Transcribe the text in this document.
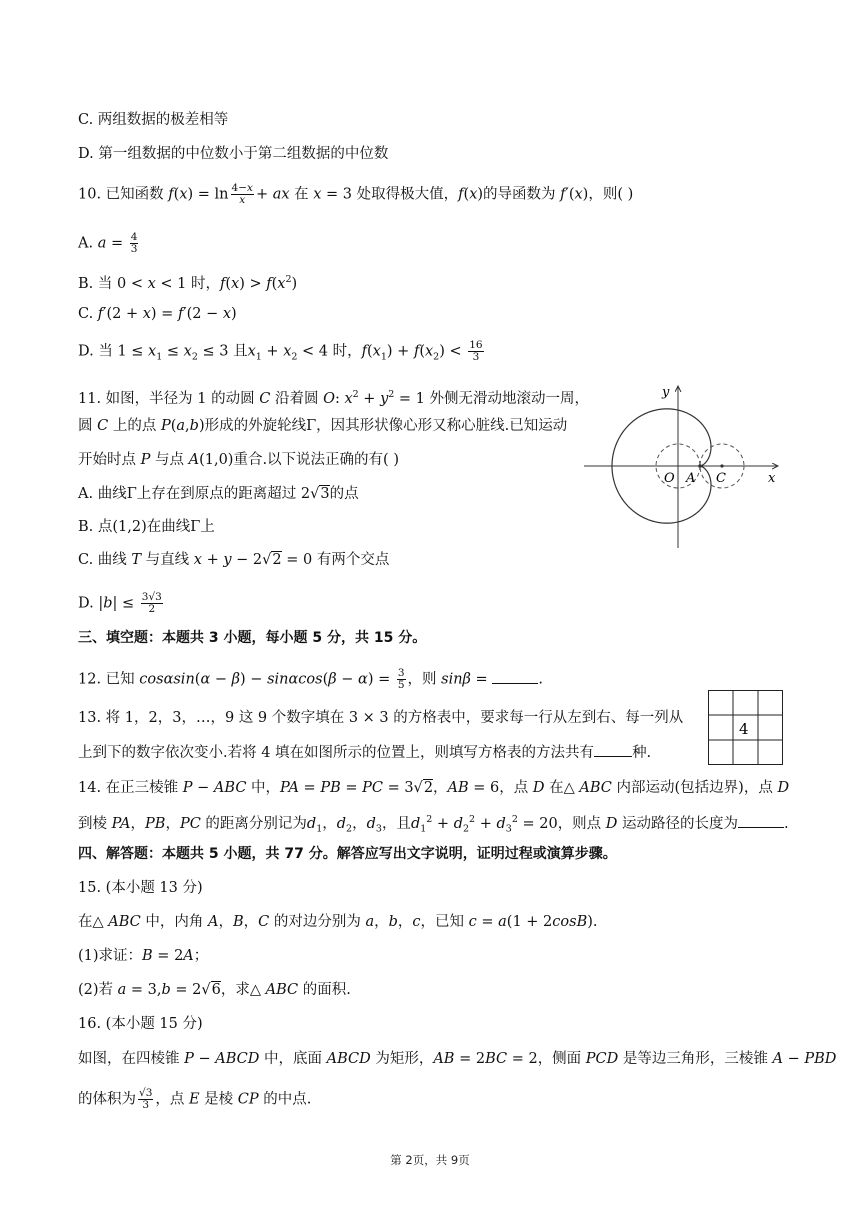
C. 两组数据的极差相等
D. 第一组数据的中位数小于第二组数据的中位数
10. 已知函数 $f(x) = \ln \frac{4-x}{x}$ + ax 在 x = 3 处取得极大值，f(x)的导函数为 f′(x)，则( )
A. $a = \frac{4}{3}$
B. 当 0 < x < 1 时，$f(x) > f(x^2)$
C. f′(2 + x) = f′(2 − x)
D. 当 $1 \le x_1 \le x_2 \le 3$ 且$x_1 + x_2 < 4$ 时，$f(x_1) + f(x_2) < \frac{16}{3}$
11. 如图，半径为 1 的动圆 C 沿着圆 O: $x^2 + y^2 = 1$ 外侧无滑动地滚动一周，
圆 C 上的点 P(a,b)形成的外旋轮线Γ，因其形状像心形又称心脏线.已知运动
开始时点 P 与点 A(1,0)重合.以下说法正确的有( )
A. 曲线Γ上存在到原点的距离超过 2√3的点
B. 点(1,2)在曲线Γ上
C. 曲线 T 与直线 x + y − 2√2 = 0 有两个交点
D. $|b| \le \frac{3√3}{2}$
y
x
O A C
三、填空题：本题共 3 小题，每小题 5 分，共 15 分。
12. 已知 $\cos\alpha\sin(\alpha - \beta) - \sin\alpha\cos(\beta - \alpha) = \frac{3}{5}$ ，则 sinβ =	.
13. 将 1，2，3，…，9 这 9 个数字填在 3 × 3 的方格表中，要求每一行从左到右、每一列从
上到下的数字依次变小.若将 4 填在如图所示的位置上，则填写方格表的方法共有	种.
4
14. 在正三棱锥 P − ABC 中，PA = PB = PC = 3√2，AB = 6，点 D 在△ ABC 内部运动(包括边界)，点 D
到棱 PA，PB，PC 的距离分别记为$d_1$，$d_2$，$d_3$，且$d_1^2 + d_2^2 + d_3^2 = 20$，则点 D 运动路径的长度为	.
四、解答题：本题共 5 小题，共 77 分。解答应写出文字说明，证明过程或演算步骤。
15. (本小题 13 分)
在△ ABC 中，内角 A，B，C 的对边分别为 a，b，c，已知 c = a(1 + 2cosB).
(1)求证：B = 2A；
(2)若 a = 3,b = 2√6，求△ ABC 的面积.
16. (本小题 15 分)
如图，在四棱锥 P − ABCD 中，底面 ABCD 为矩形，AB = 2BC = 2，侧面 PCD 是等边三角形，三棱锥 A − PBD
的体积为 $\frac{√3}{3}$ ，点 E 是棱 CP 的中点.
第 2页，共 9页
